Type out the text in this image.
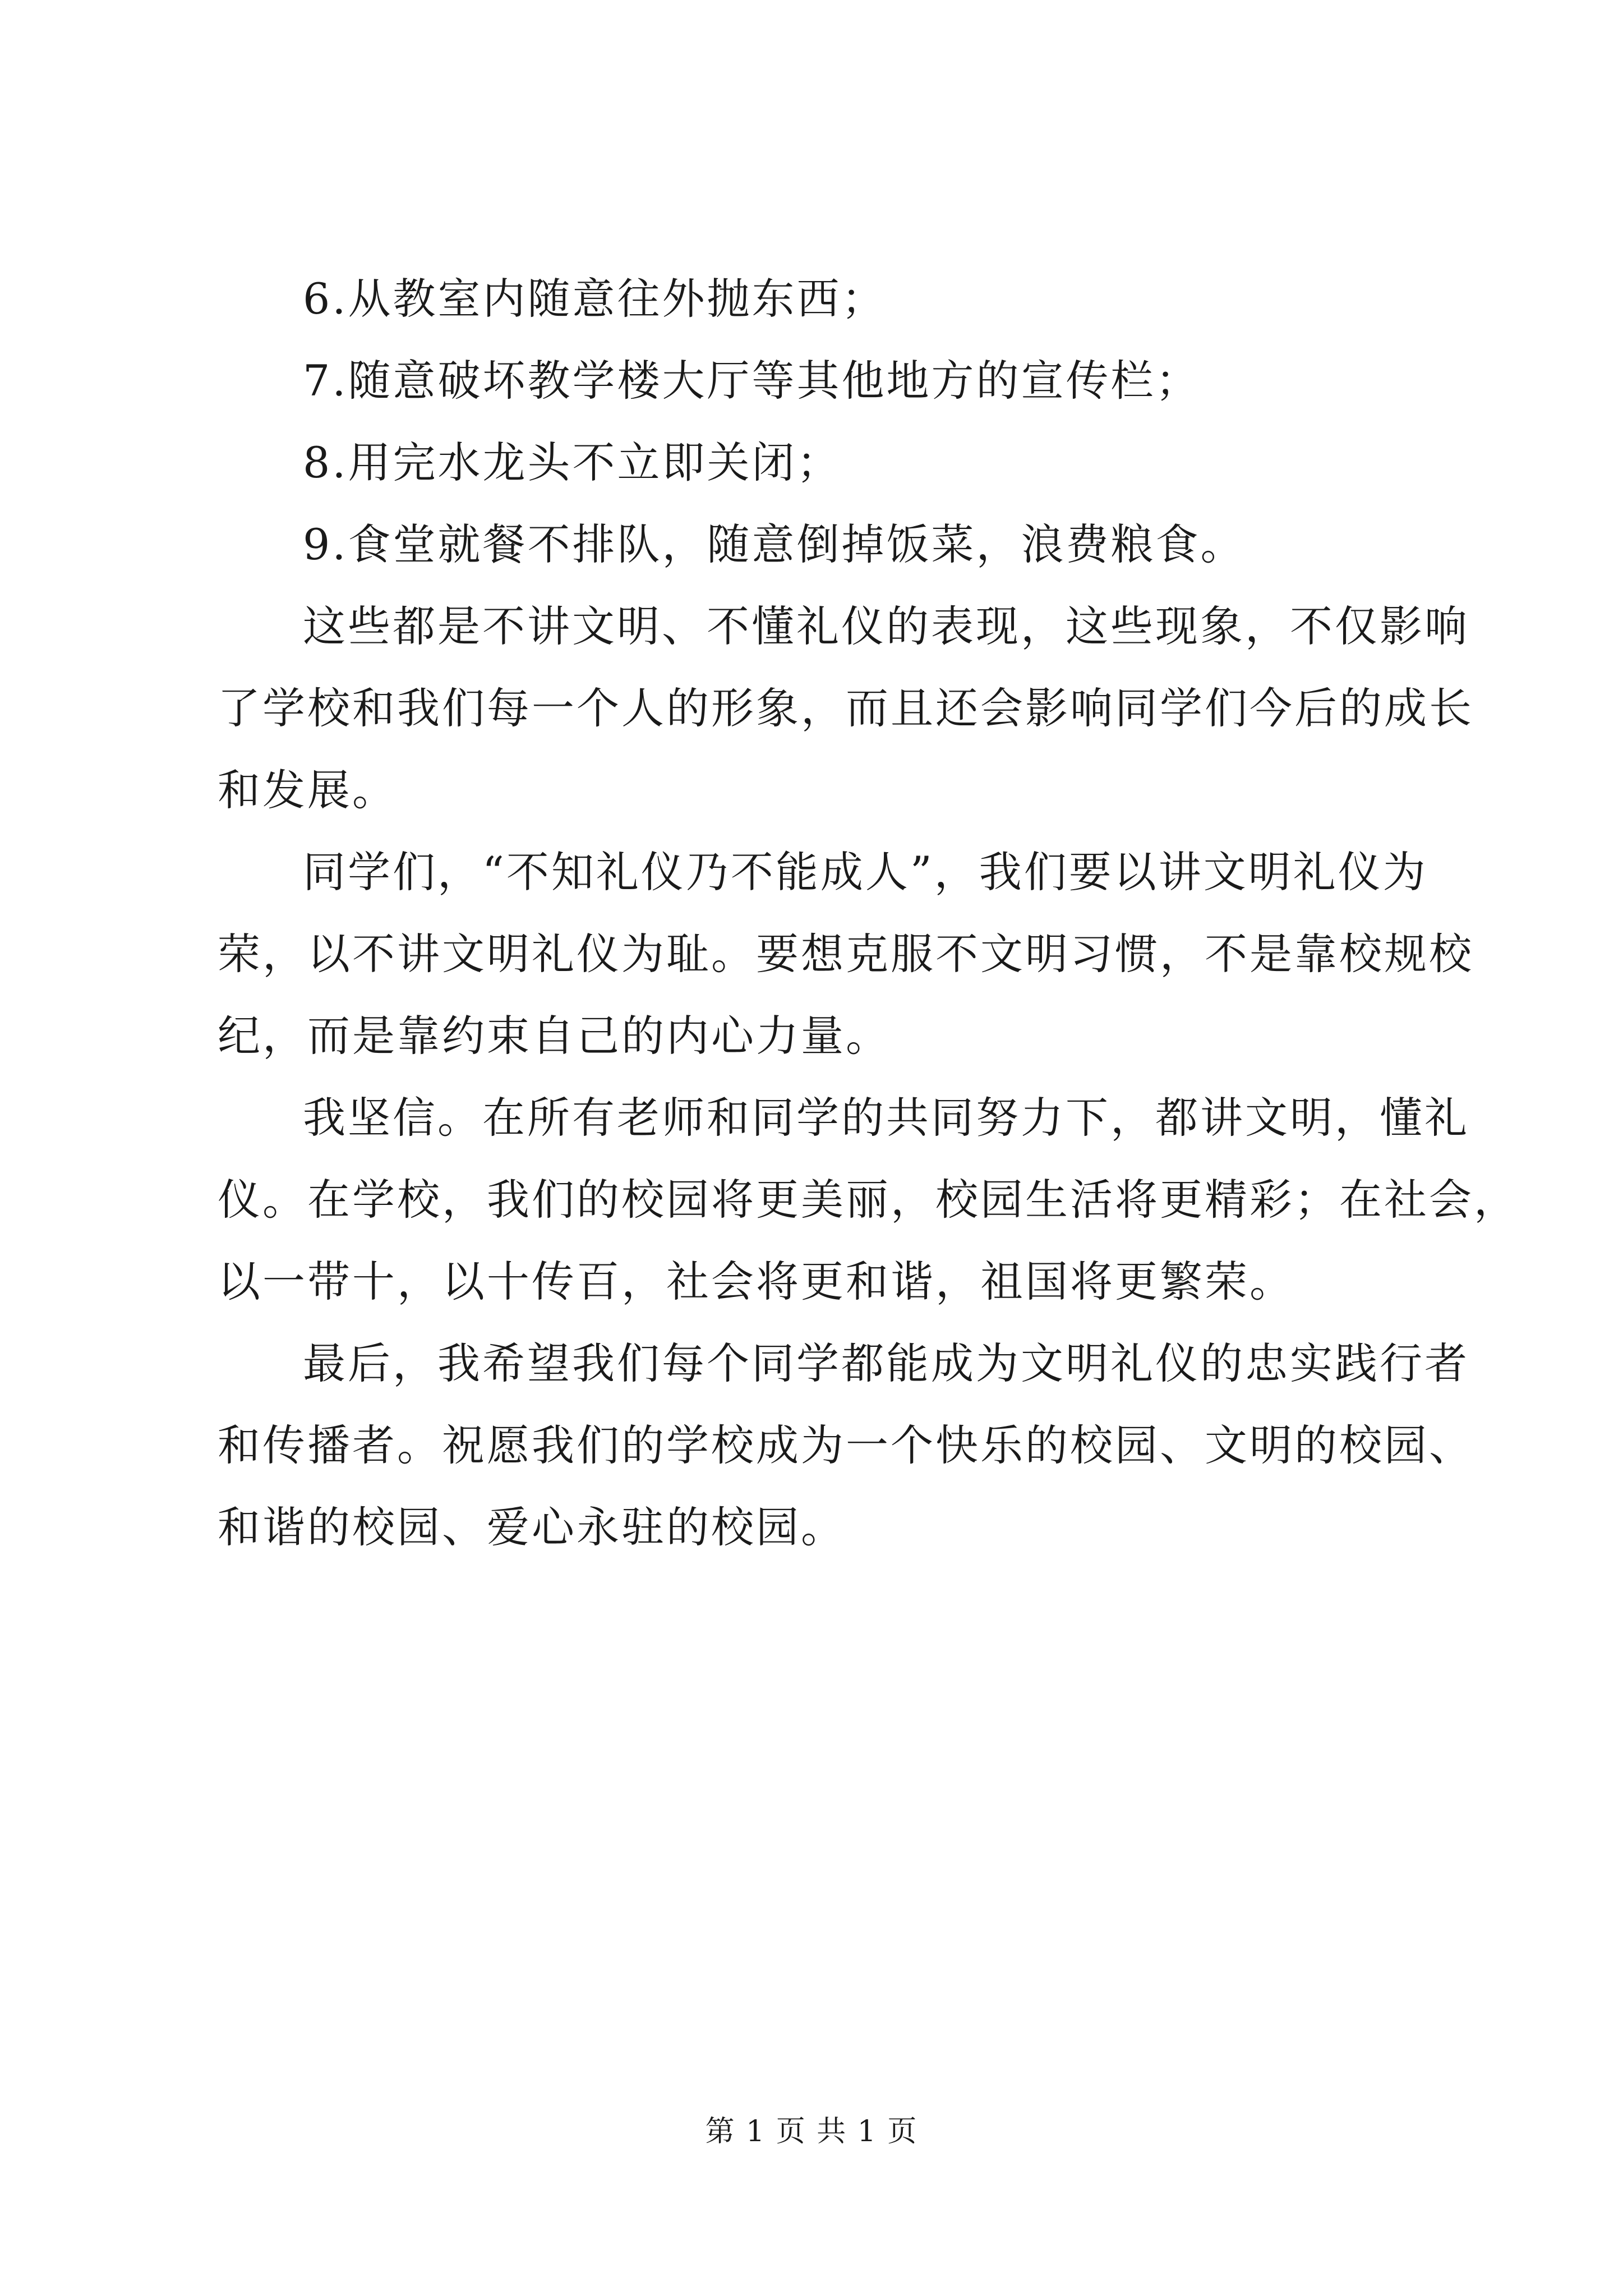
6.从教室内随意往外抛东西；

7.随意破坏教学楼大厅等其他地方的宣传栏；

8.用完水龙头不立即关闭；

9.食堂就餐不排队，随意倒掉饭菜，浪费粮食。

这些都是不讲文明、不懂礼仪的表现，这些现象，不仅影响

了学校和我们每一个人的形象，而且还会影响同学们今后的成长

和发展。

同学们，“不知礼仪乃不能成人”，我们要以讲文明礼仪为

荣，以不讲文明礼仪为耻。要想克服不文明习惯，不是靠校规校

纪，而是靠约束自己的内心力量。

我坚信。在所有老师和同学的共同努力下，都讲文明，懂礼

仪。在学校，我们的校园将更美丽，校园生活将更精彩；在社会，

以一带十，以十传百，社会将更和谐，祖国将更繁荣。

最后，我希望我们每个同学都能成为文明礼仪的忠实践行者

和传播者。祝愿我们的学校成为一个快乐的校园、文明的校园、

和谐的校园、爱心永驻的校园。

第 1 页 共 1 页
